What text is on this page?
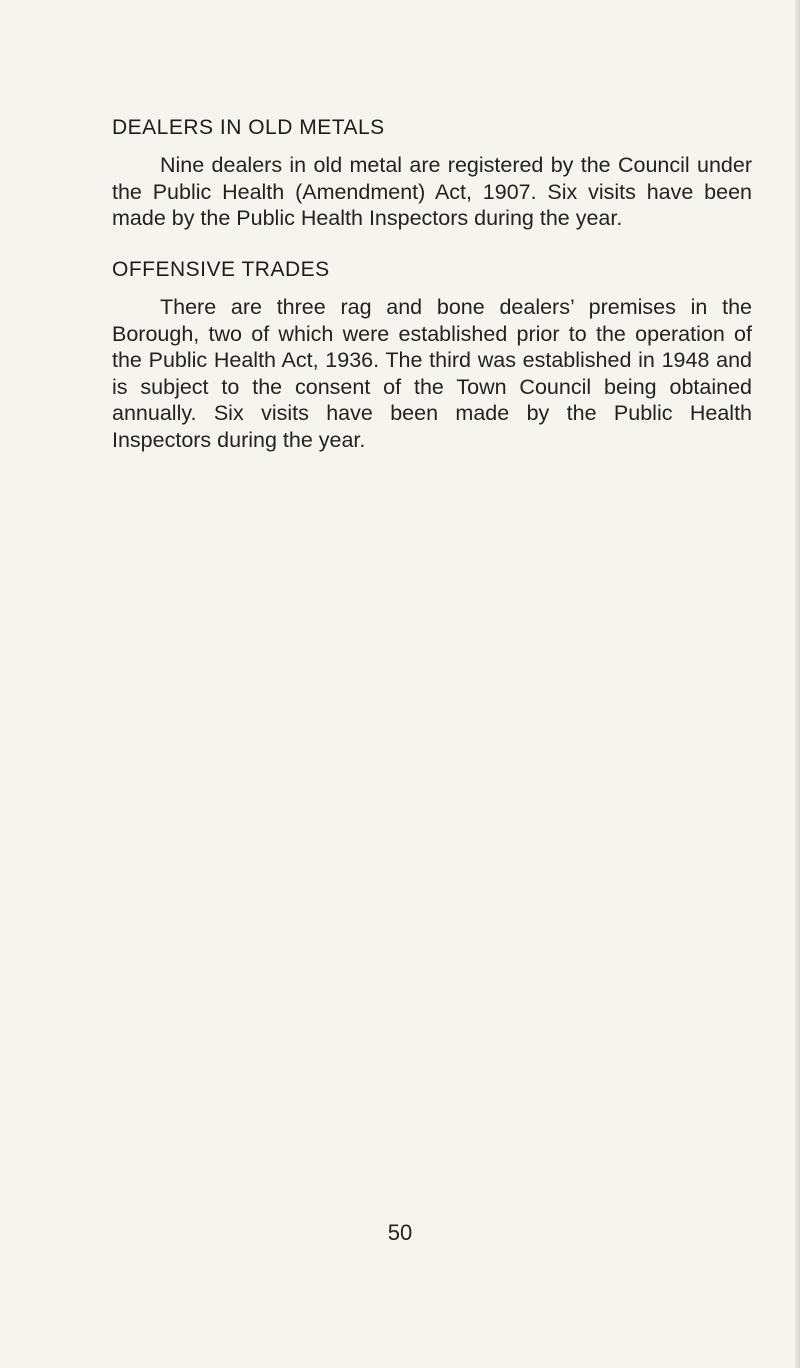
DEALERS IN OLD METALS

Nine dealers in old metal are registered by the Council under the Public Health (Amendment) Act, 1907. Six visits have been made by the Public Health Inspectors during the year.

OFFENSIVE TRADES

There are three rag and bone dealers’ premises in the Borough, two of which were established prior to the operation of the Public Health Act, 1936. The third was established in 1948 and is subject to the consent of the Town Council being obtained annually. Six visits have been made by the Public Health Inspectors during the year.

50
